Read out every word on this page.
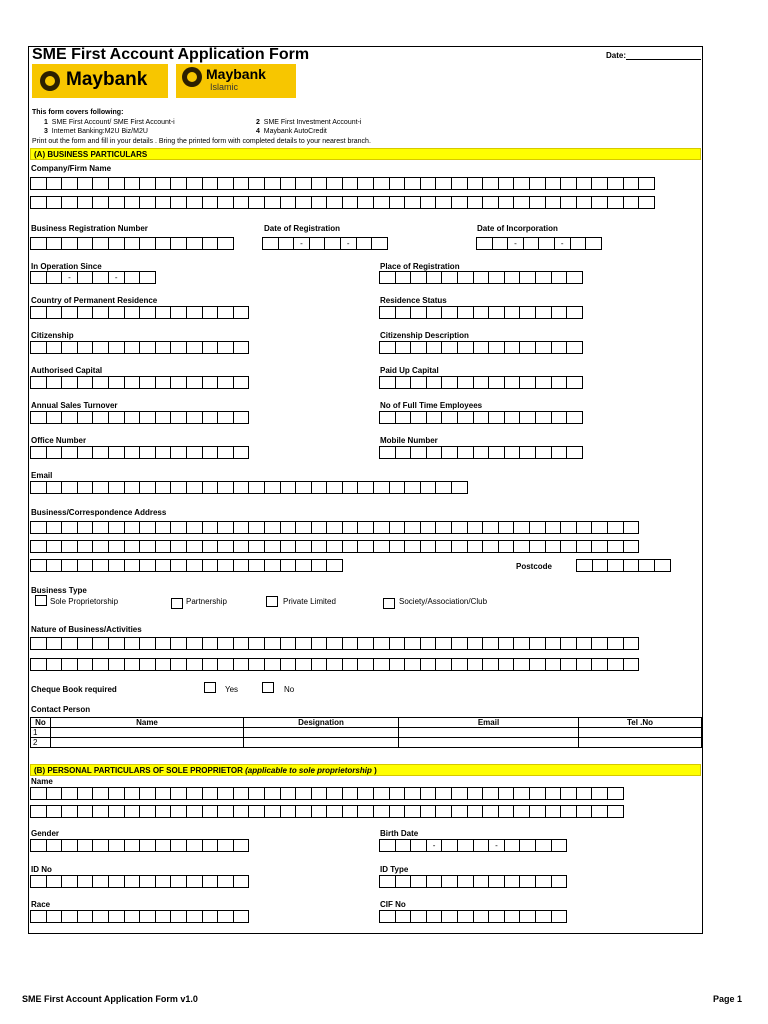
SME First Account Application Form	Date:
Maybank	Maybank
Islamic
This form covers following:
1 SME First Account/ SME First Account-i	2 SME First Investment Account-i
3 Internet Banking:M2U Biz/M2U	4 Maybank AutoCredit
Print out the form and fill in your details . Bring the printed form with completed details to your nearest branch.
(A) BUSINESS PARTICULARS
Company/Firm Name
Business Registration Number	Date of Registration	Date of Incorporation
-	-	-	-
In Operation Since	Place of Registration
-	-
Country of Permanent Residence	Residence Status
Citizenship	Citizenship Description
Authorised Capital	Paid Up Capital
Annual Sales Turnover	No of Full Time Employees
Office Number	Mobile Number
Email
Business/Correspondence Address
Postcode
Business Type
Sole Proprietorship	Partnership	Private Limited	Society/Association/Club
Nature of Business/Activities
Cheque Book required	Yes	No
Contact Person
No	Name	Designation	Email	Tel .No
1				
2				
(B) PERSONAL PARTICULARS OF SOLE PROPRIETOR (applicable to sole proprietorship )
Name
Gender	Birth Date
-	-
ID No	ID Type
Race	CIF No
SME First Account Application Form v1.0	Page 1
